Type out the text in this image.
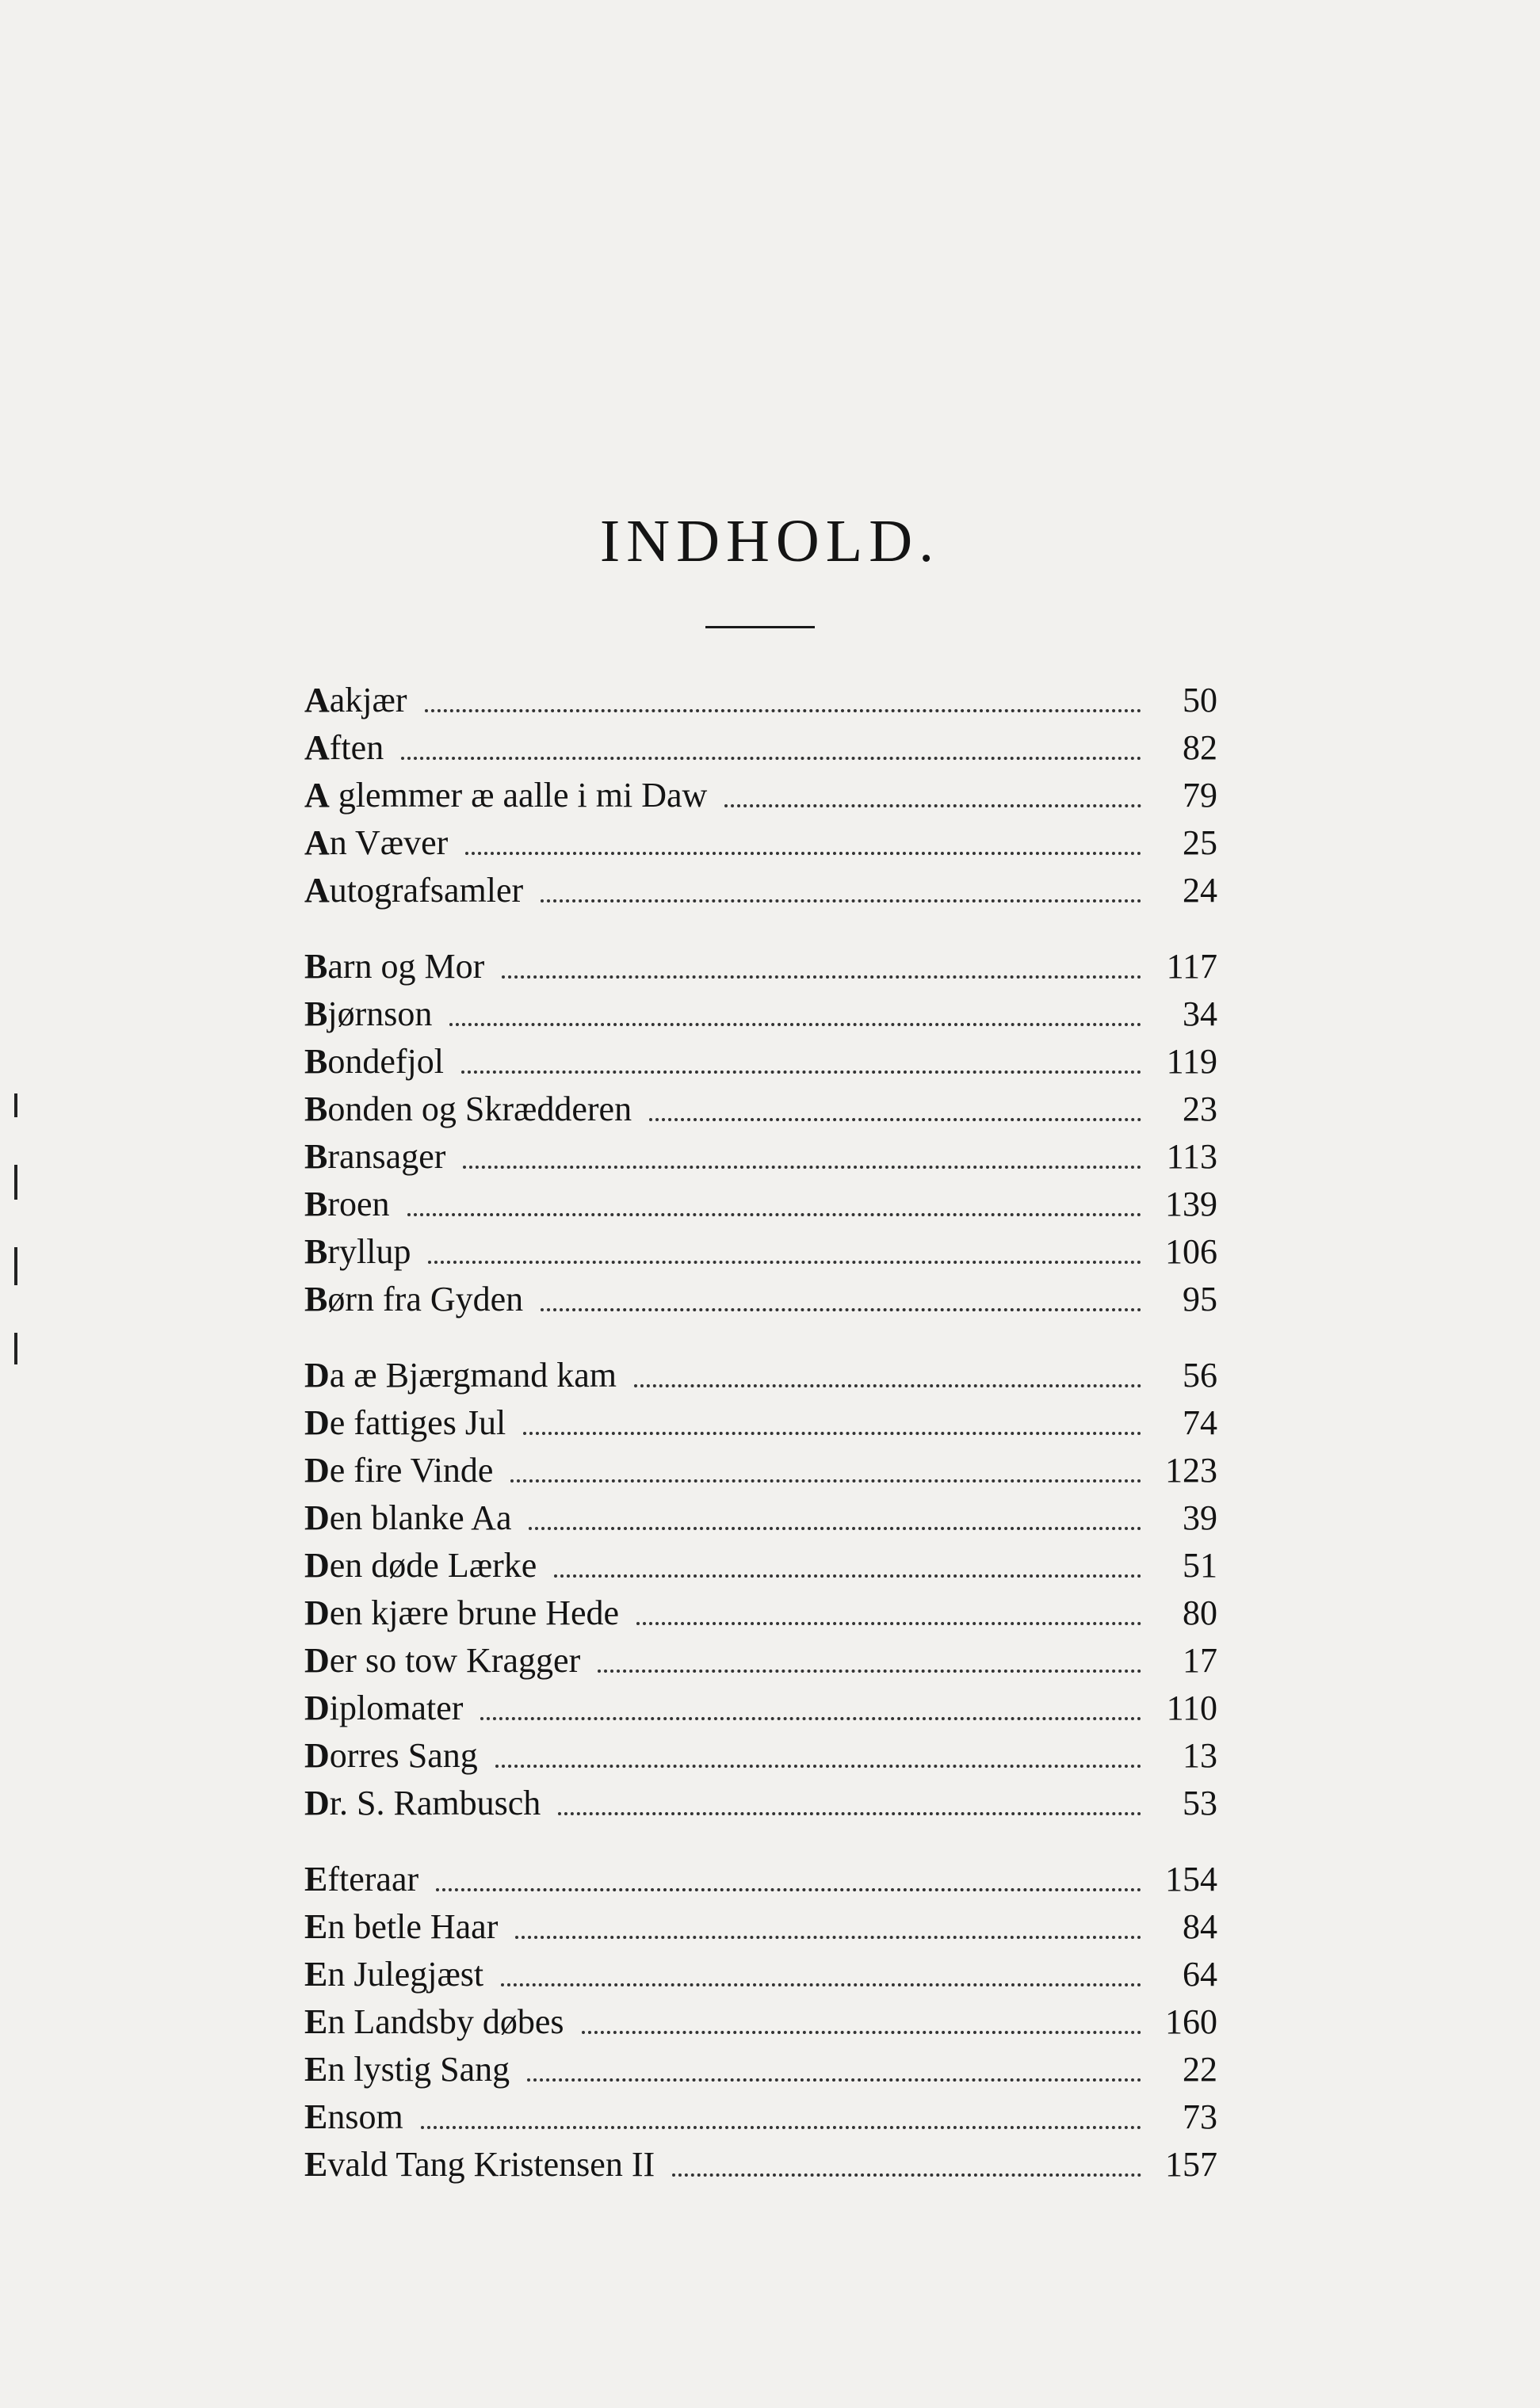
INDHOLD.
Aakjær	50
Aften	82
A glemmer æ aalle i mi Daw	79
An Væver	25
Autografsamler	24
Barn og Mor	117
Bjørnson	34
Bondefjol	119
Bonden og Skrædderen	23
Bransager	113
Broen	139
Bryllup	106
Børn fra Gyden	95
Da æ Bjærgmand kam	56
De fattiges Jul	74
De fire Vinde	123
Den blanke Aa	39
Den døde Lærke	51
Den kjære brune Hede	80
Der so tow Kragger	17
Diplomater	110
Dorres Sang	13
Dr. S. Rambusch	53
Efteraar	154
En betle Haar	84
En Julegjæst	64
En Landsby døbes	160
En lystig Sang	22
Ensom	73
Evald Tang Kristensen II	157
